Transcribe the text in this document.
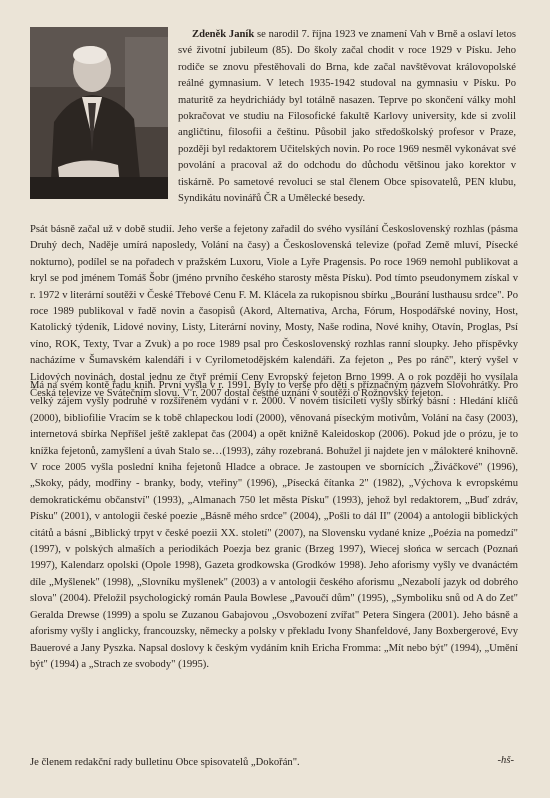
Zdeněk Janík se narodil 7. října 1923 ve znamení Vah v Brně a oslaví letos své životní jubileum (85). Do školy začal chodit v roce 1929 v Písku. Jeho rodiče se znovu přestěhovali do Brna, kde začal navštěvovat královopolské reálné gymnasium. V letech 1935-1942 studoval na gymnasiu v Písku. Po maturitě za heydrichiády byl totálně nasazen. Teprve po skončení války mohl pokračovat ve studiu na Filosofické fakultě Karlovy university, kde si zvolil angličtinu, filosofii a češtinu. Působil jako středoškolský profesor v Praze, později byl redaktorem Učitelských novin. Po roce 1969 nesměl vykonávat své povolání a pracoval až do odchodu do důchodu většinou jako korektor v tiskárně. Po sametové revoluci se stal členem Obce spisovatelů, PEN klubu, Syndikátu novinářů ČR a Umělecké besedy.

Psát básně začal už v době studií. Jeho verše a fejetony zařadil do svého vysílání Československý rozhlas (pásma Druhý dech, Naděje umírá naposledy, Volání na časy) a Československá televize (pořad Země mluví, Písecké nokturno), podílel se na pořadech v pražském Luxoru, Viole a Lyře Pragensis. Po roce 1969 nemohl publikovat a kryl se pod jménem Tomáš Šobr (jméno prvního českého starosty města Písku). Pod tímto pseudonymem získal v r. 1972 v literární soutěži v České Třebové Cenu F. M. Klácela za rukopisnou sbírku „Bourání lusthausu srdce". Po roce 1989 publikoval v řadě novin a časopisů (Akord, Alternativa, Archa, Fórum, Hospodářské noviny, Host, Katolický týdeník, Lidové noviny, Listy, Literární noviny, Mosty, Naše rodina, Nové knihy, Otavín, Proglas, Psí víno, ROK, Texty, Tvar a Zvuk) a po roce 1989 psal pro Československý rozhlas ranní sloupky. Jeho příspěvky nacházíme v Šumavském kalendáři i v Cyrilometodějském kalendáři. Za fejeton „ Pes po ránč", který vyšel v Lidových novinách, dostal jednu ze čtyř prémií Ceny Evropský fejeton Brno 1999. A o rok později ho vysílala Česká televize ve Svátečním slovu. V r. 2007 dostal čestné uznání v soutěži o Rožnovský fejeton.

Má na svém kontě řadu knih. První vyšla v r. 1991. Byly to verše pro děti s příznačným názvem Slovohrátky. Pro velký zájem vyšly podruhé v rozšířeném vydání v r. 2000. V novém tisíciletí vyšly sbírky básní : Hledání klíčů (2000), bibliofilie Vracím se k tobě chlapeckou lodí (2000), věnovaná píseckým motivům, Volání na časy (2003), internetová sbírka Nepříšel ještě zaklepat čas (2004) a opět knižně Kaleidoskop (2006). Pokud jde o prózu, je to knížka fejetonů, zamyšlení a úvah Stalo se…(1993), záhy rozebraná. Bohužel ji najdete jen v málokteré knihovně. V roce 2005 vyšla poslední kniha fejetonů Hladce a obrace. Je zastoupen ve sbornících „Živáčkové" (1996), „Skoky, pády, modřiny - branky, body, vteřiny" (1996), „Písecká čítanka 2" (1982), „Výchova k evropskému demokratickému občanství" (1993), „Almanach 750 let města Písku" (1993), jehož byl redaktorem, „Buď zdráv, Písku" (2001), v antologii české poezie „Básně mého srdce" (2004), „Pošli to dál II" (2004) a antologii biblických citátů a básní „Biblický trpyt v české poezii XX. století" (2007), na Slovensku vydané knize „Poézia na pomedzí" (1997), v polských almaších a periodikách Poezja bez granic (Brzeg 1997), Wiecej słońca w sercach (Poznań 1997), Kalendarz opolski (Opole 1998), Gazeta grodkowska (Grodków 1998). Jeho aforismy vyšly ve dvanáctém díle „Myšlenek" (1998), „Slovníku myšlenek" (2003) a v antologii českého aforismu „Nezabolí jazyk od dobrého slova" (2004). Přeložil psychologický román Paula Bowlese „Pavoučí dům" (1995), „Symboliku snů od A do Zet" Geralda Drewse (1999) a spolu se Zuzanou Gabajovou „Osvobození zvířat" Petera Singera (2001). Jeho básně a aforismy vyšly i anglicky, francouzsky, německy a polsky v překladu Ivony Shanfeldové, Jany Boxbergerové, Evy Bauerové a Jany Pyszka. Napsal doslovy k českým vydáním knih Ericha Fromma: „Mít nebo být" (1994), „Umění být" (1994) a „Strach ze svobody" (1995).

Je členem redakční rady bulletinu Obce spisovatelů „Dokořán".	-hš-
